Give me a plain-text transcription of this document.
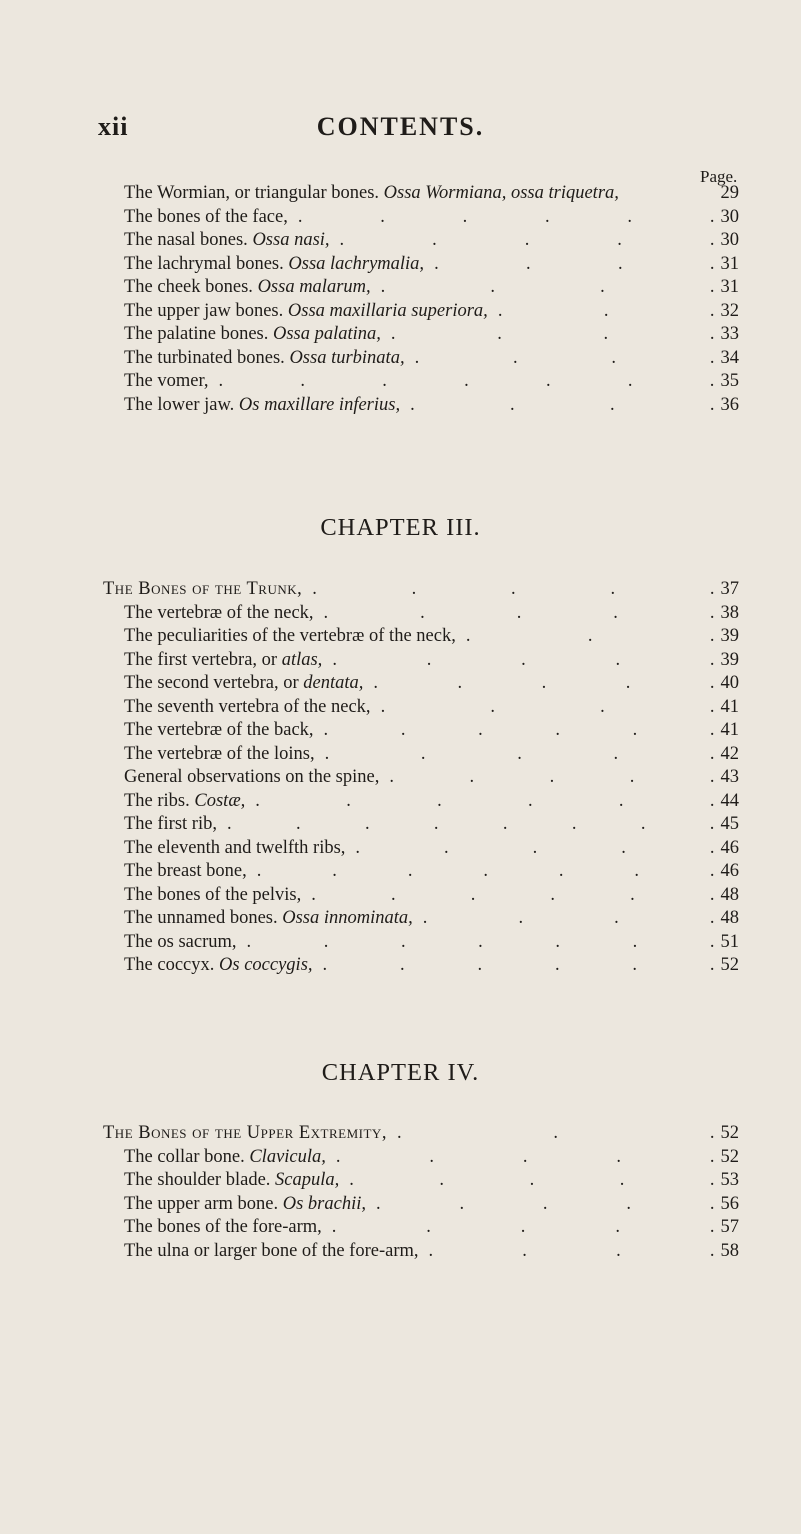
xii	CONTENTS.
Page.
The Wormian, or triangular bones. Ossa Wormiana, ossa triquetra,	29
The bones of the face, .	.	.	.	.	. 30
The nasal bones. Ossa nasi, .	.	.	.	. 30
The lachrymal bones. Ossa lachrymalia, .	.	.	. 31
The cheek bones. Ossa malarum, .	.	.	. 31
The upper jaw bones. Ossa maxillaria superiora, .	.	. 32
The palatine bones. Ossa palatina, .	.	.	. 33
The turbinated bones. Ossa turbinata, .	.	.	. 34
The vomer, .	.	.	.	.	.	. 35
The lower jaw. Os maxillare inferius, .	.	.	. 36
CHAPTER III.
The Bones of the Trunk, .	.	.	.	. 37
The vertebræ of the neck, .	.	.	.	. 38
The peculiarities of the vertebræ of the neck, .	.	. 39
The first vertebra, or atlas, .	.	.	.	. 39
The second vertebra, or dentata, .	.	.	.	. 40
The seventh vertebra of the neck, .	.	.	. 41
The vertebræ of the back, .	.	.	.	.	. 41
The vertebræ of the loins, .	.	.	.	. 42
General observations on the spine, .	.	.	.	. 43
The ribs. Costæ, .	.	.	.	.	. 44
The first rib, .	.	.	.	.	.	.	. 45
The eleventh and twelfth ribs, .	.	.	.	. 46
The breast bone, .	.	.	.	.	.	. 46
The bones of the pelvis, .	.	.	.	.	. 48
The unnamed bones. Ossa innominata, .	.	.	. 48
The os sacrum, .	.	.	.	.	.	. 51
The coccyx. Os coccygis, .	.	.	.	.	. 52
CHAPTER IV.
The Bones of the Upper Extremity, .	.	. 52
The collar bone. Clavicula, .	.	.	.	. 52
The shoulder blade. Scapula, .	.	.	.	. 53
The upper arm bone. Os brachii, .	.	.	.	. 56
The bones of the fore-arm, .	.	.	.	. 57
The ulna or larger bone of the fore-arm, .	.	.	. 58
